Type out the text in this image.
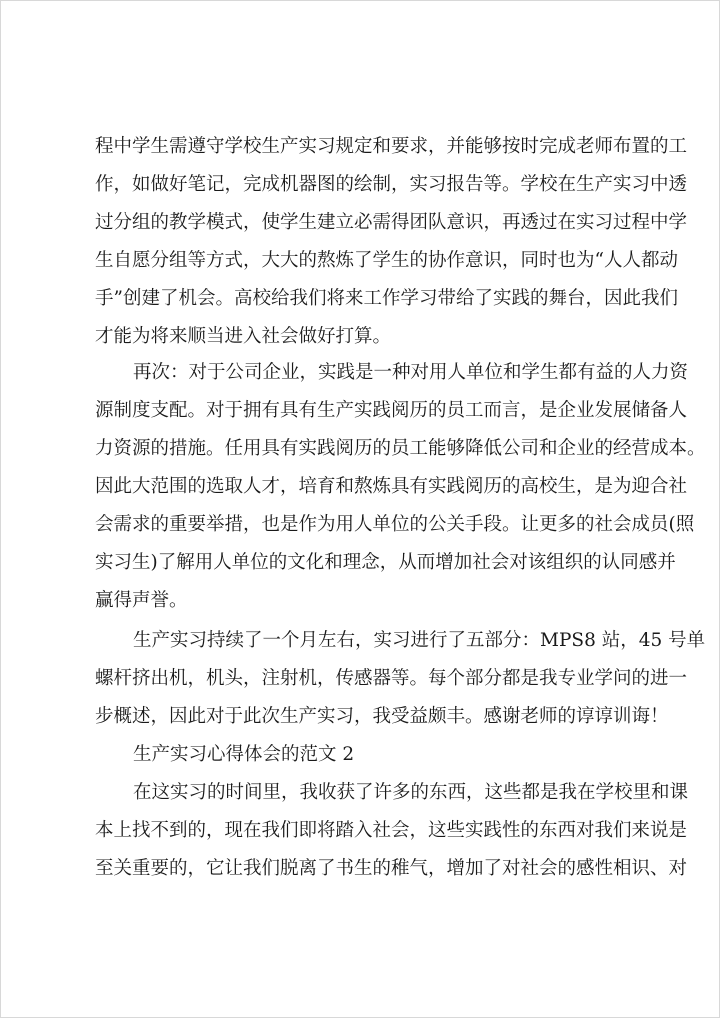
程中学生需遵守学校生产实习规定和要求，并能够按时完成老师布置的工
作，如做好笔记，完成机器图的绘制，实习报告等。学校在生产实习中透
过分组的教学模式，使学生建立必需得团队意识，再透过在实习过程中学
生自愿分组等方式，大大的熬炼了学生的协作意识，同时也为“人人都动
手”创建了机会。高校给我们将来工作学习带给了实践的舞台，因此我们
才能为将来顺当进入社会做好打算。
再次：对于公司企业，实践是一种对用人单位和学生都有益的人力资
源制度支配。对于拥有具有生产实践阅历的员工而言，是企业发展储备人
力资源的措施。任用具有实践阅历的员工能够降低公司和企业的经营成本。
因此大范围的选取人才，培育和熬炼具有实践阅历的高校生，是为迎合社
会需求的重要举措，也是作为用人单位的公关手段。让更多的社会成员(照
实习生)了解用人单位的文化和理念，从而增加社会对该组织的认同感并
赢得声誉。
生产实习持续了一个月左右，实习进行了五部分：MPS8 站，45 号单
螺杆挤出机，机头，注射机，传感器等。每个部分都是我专业学问的进一
步概述，因此对于此次生产实习，我受益颇丰。感谢老师的谆谆训诲！
生产实习心得体会的范文 2
在这实习的时间里，我收获了许多的东西，这些都是我在学校里和课
本上找不到的，现在我们即将踏入社会，这些实践性的东西对我们来说是
至关重要的，它让我们脱离了书生的稚气，增加了对社会的感性相识、对
